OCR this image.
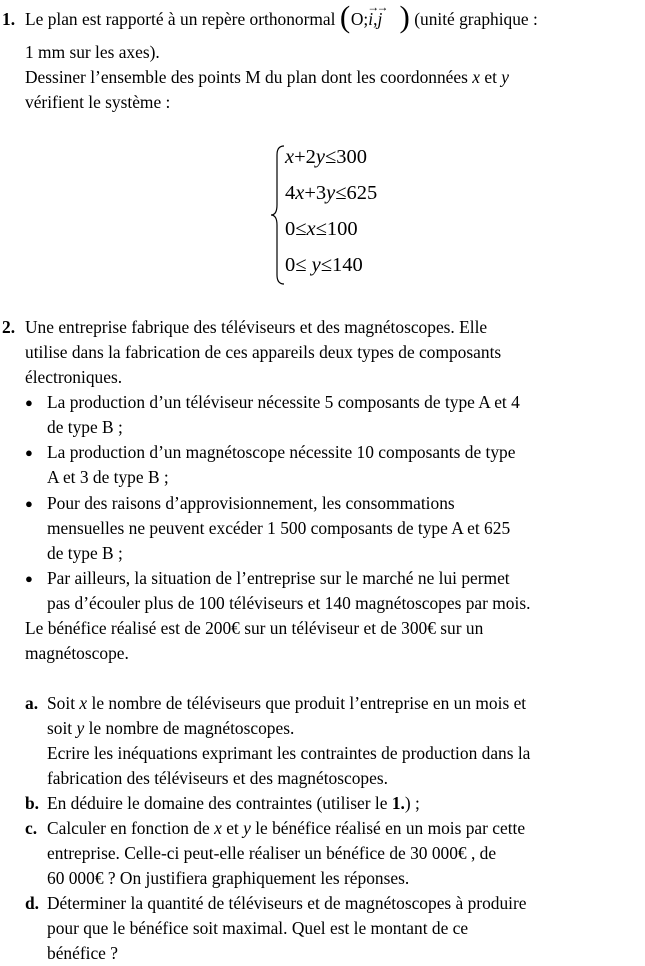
1. Le plan est rapporté à un repère orthonormal ( O;
→
i,
→
j ) (unité graphique :
1 mm sur les axes).
Dessiner l’ensemble des points M du plan dont les coordonnées x et y
vérifient le système :
x+2y≤300
4x+3y≤625
0≤x≤100
0≤ y≤140
2. Une entreprise fabrique des téléviseurs et des magnétoscopes. Elle
utilise dans la fabrication de ces appareils deux types de composants
électroniques.
● La production d’un téléviseur nécessite 5 composants de type A et 4
de type B ;
● La production d’un magnétoscope nécessite 10 composants de type
A et 3 de type B ;
● Pour des raisons d’approvisionnement, les consommations
mensuelles ne peuvent excéder 1 500 composants de type A et 625
de type B ;
● Par ailleurs, la situation de l’entreprise sur le marché ne lui permet
pas d’écouler plus de 100 téléviseurs et 140 magnétoscopes par mois.
Le bénéfice réalisé est de 200€ sur un téléviseur et de 300€ sur un
magnétoscope.
a. Soit x le nombre de téléviseurs que produit l’entreprise en un mois et
soit y le nombre de magnétoscopes.
Ecrire les inéquations exprimant les contraintes de production dans la
fabrication des téléviseurs et des magnétoscopes.
b. En déduire le domaine des contraintes (utiliser le 1.) ;
c. Calculer en fonction de x et y le bénéfice réalisé en un mois par cette
entreprise. Celle-ci peut-elle réaliser un bénéfice de 30 000€ , de
60 000€ ? On justifiera graphiquement les réponses.
d. Déterminer la quantité de téléviseurs et de magnétoscopes à produire
pour que le bénéfice soit maximal. Quel est le montant de ce
bénéfice ?
